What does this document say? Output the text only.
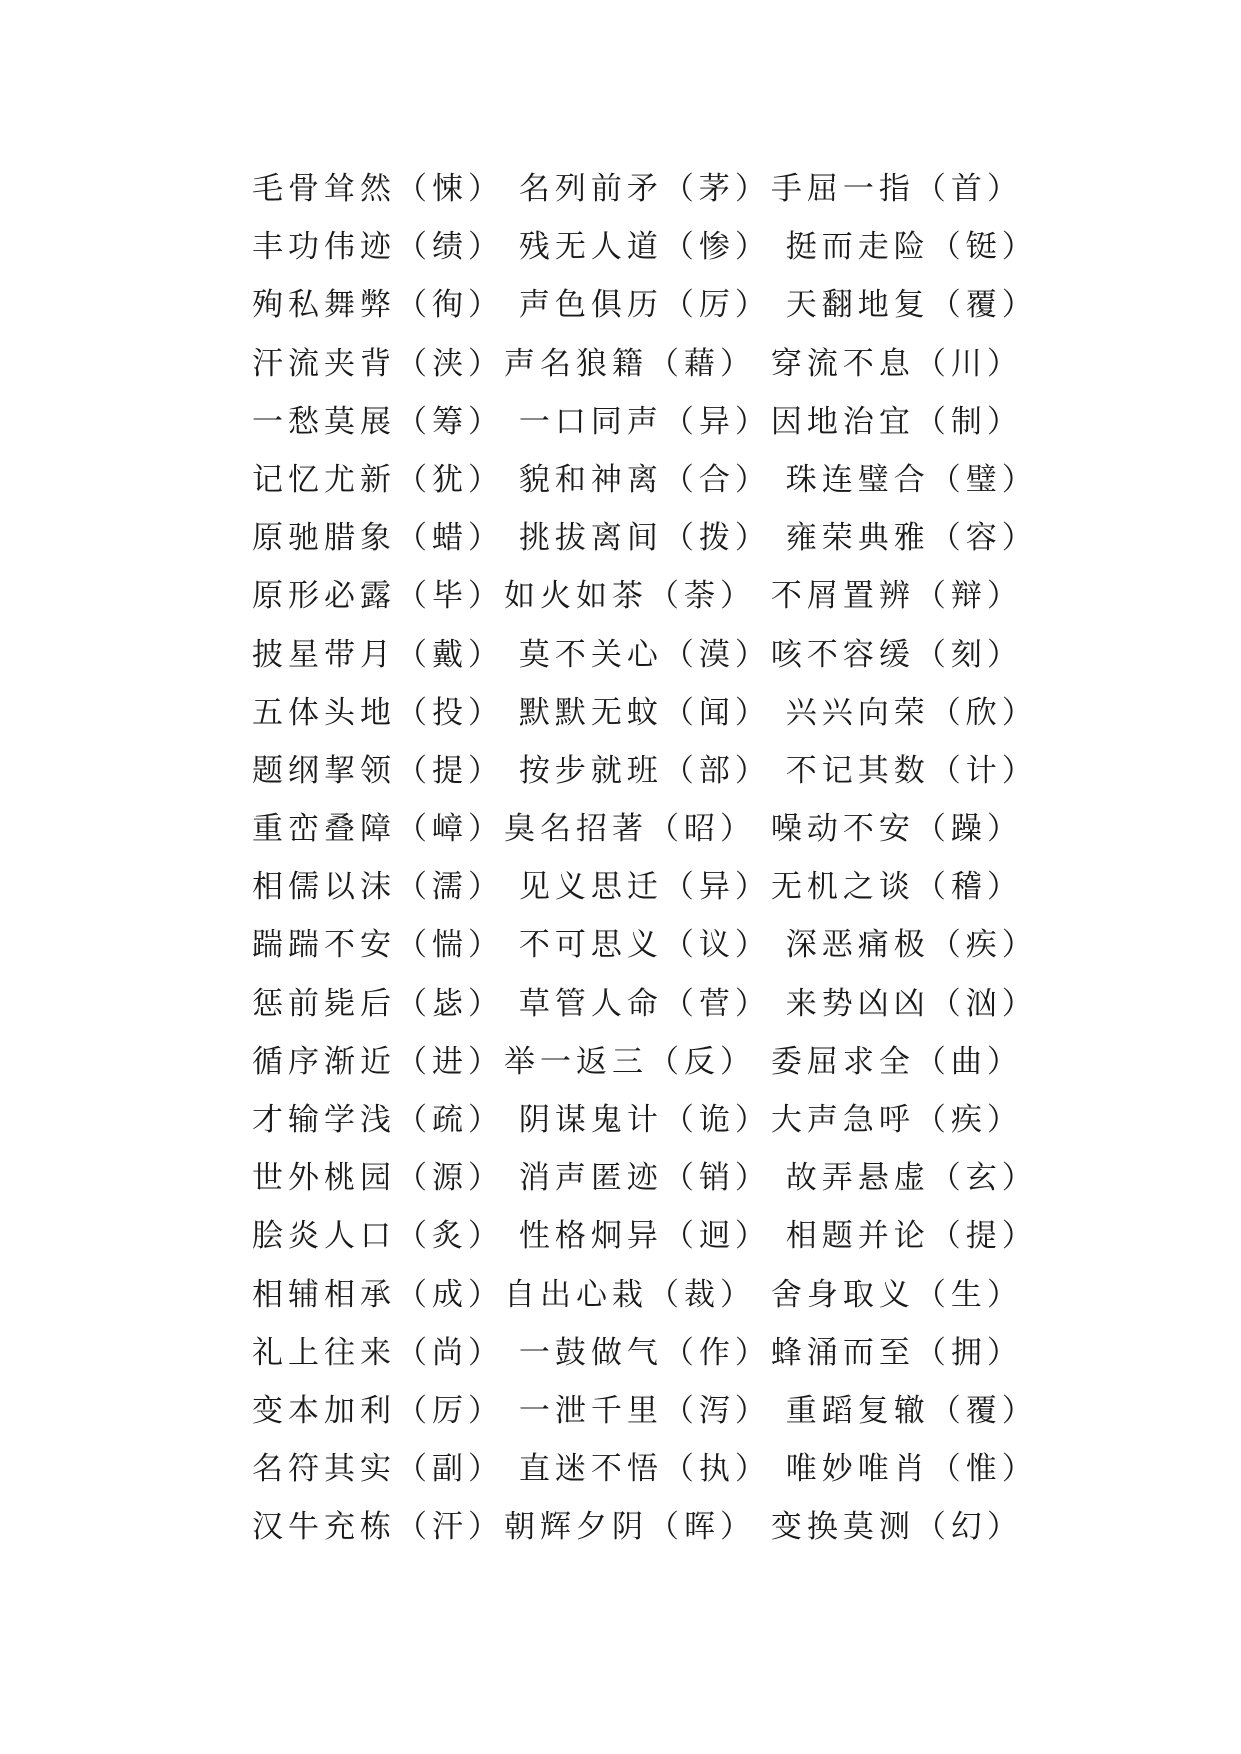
毛骨耸然（悚） 名列前矛（茅）手屈一指（首）
丰功伟迹（绩） 残无人道（惨） 挺而走险（铤）
殉私舞弊（徇） 声色俱历（厉） 天翻地复（覆）
汗流夹背（浃）声名狼籍（藉） 穿流不息（川）
一愁莫展（筹） 一口同声（异）因地治宜（制）
记忆尤新（犹） 貌和神离（合） 珠连璧合（璧）
原驰腊象（蜡） 挑拔离间（拨） 雍荣典雅（容）
原形必露（毕）如火如茶（荼） 不屑置辨（辩）
披星带月（戴） 莫不关心（漠）咳不容缓（刻）
五体头地（投） 默默无蚊（闻） 兴兴向荣（欣）
题纲挈领（提） 按步就班（部） 不记其数（计）
重峦叠障（嶂）臭名招著（昭） 噪动不安（躁）
相儒以沫（濡） 见义思迁（异）无机之谈（稽）
踹踹不安（惴） 不可思义（议） 深恶痛极（疾）
惩前毙后（毖） 草管人命（菅） 来势凶凶（汹）
循序渐近（进）举一返三（反） 委屈求全（曲）
才输学浅（疏） 阴谋鬼计（诡）大声急呼（疾）
世外桃园（源） 消声匿迹（销） 故弄悬虚（玄）
脍炎人口（炙） 性格炯异（迥） 相题并论（提）
相辅相承（成）自出心栽（裁） 舍身取义（生）
礼上往来（尚） 一鼓做气（作）蜂涌而至（拥）
变本加利（厉） 一泄千里（泻） 重蹈复辙（覆）
名符其实（副） 直迷不悟（执） 唯妙唯肖（惟）
汉牛充栋（汗）朝辉夕阴（晖） 变换莫测（幻）
